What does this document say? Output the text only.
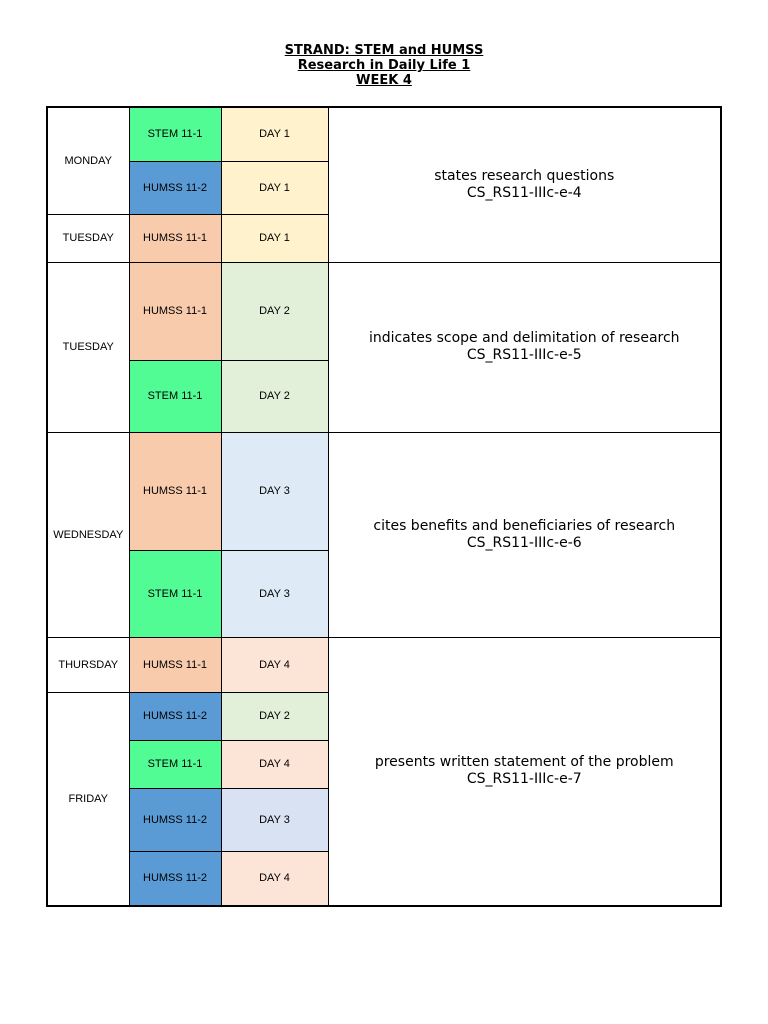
STRAND: STEM and HUMSS
Research in Daily Life 1
WEEK 4
MONDAY	STEM 11-1	DAY 1	states research questions
CS_RS11-IIIc-e-4

	HUMSS 11-2	DAY 1	
TUESDAY	HUMSS 11-1	DAY 1	
TUESDAY	HUMSS 11-1	DAY 2	indicates scope and delimitation of research
CS_RS11-IIIc-e-5

	STEM 11-1	DAY 2	
WEDNESDAY	HUMSS 11-1	DAY 3	cites benefits and beneficiaries of research
CS_RS11-IIIc-e-6

	STEM 11-1	DAY 3	
THURSDAY	HUMSS 11-1	DAY 4	presents written statement of the problem
CS_RS11-IIIc-e-7

FRIDAY	HUMSS 11-2	DAY 2	
	STEM 11-1	DAY 4	
	HUMSS 11-2	DAY 3	
	HUMSS 11-2	DAY 4	
